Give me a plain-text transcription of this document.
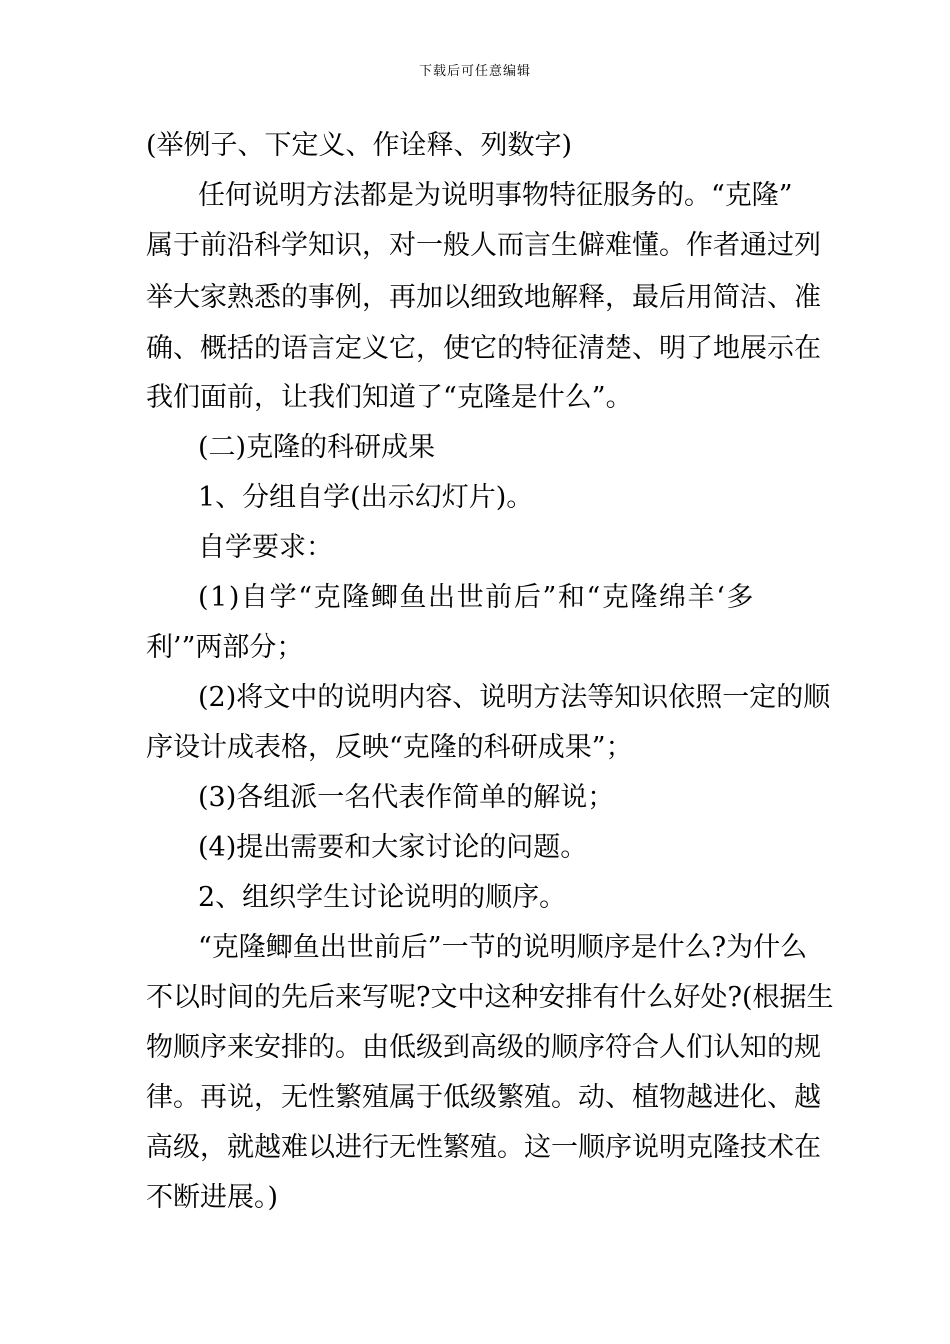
下载后可任意编辑
(举例子、下定义、作诠释、列数字)
任何说明方法都是为说明事物特征服务的。“克隆”
属于前沿科学知识，对一般人而言生僻难懂。作者通过列
举大家熟悉的事例，再加以细致地解释，最后用简洁、准
确、概括的语言定义它，使它的特征清楚、明了地展示在
我们面前，让我们知道了“克隆是什么”。
(二)克隆的科研成果
1、分组自学(出示幻灯片)。
自学要求：
(1)自学“克隆鲫鱼出世前后”和“克隆绵羊‘多
利’”两部分；
(2)将文中的说明内容、说明方法等知识依照一定的顺
序设计成表格，反映“克隆的科研成果”；
(3)各组派一名代表作简单的解说；
(4)提出需要和大家讨论的问题。
2、组织学生讨论说明的顺序。
“克隆鲫鱼出世前后”一节的说明顺序是什么?为什么
不以时间的先后来写呢?文中这种安排有什么好处?(根据生
物顺序来安排的。由低级到高级的顺序符合人们认知的规
律。再说，无性繁殖属于低级繁殖。动、植物越进化、越
高级，就越难以进行无性繁殖。这一顺序说明克隆技术在
不断进展。)
